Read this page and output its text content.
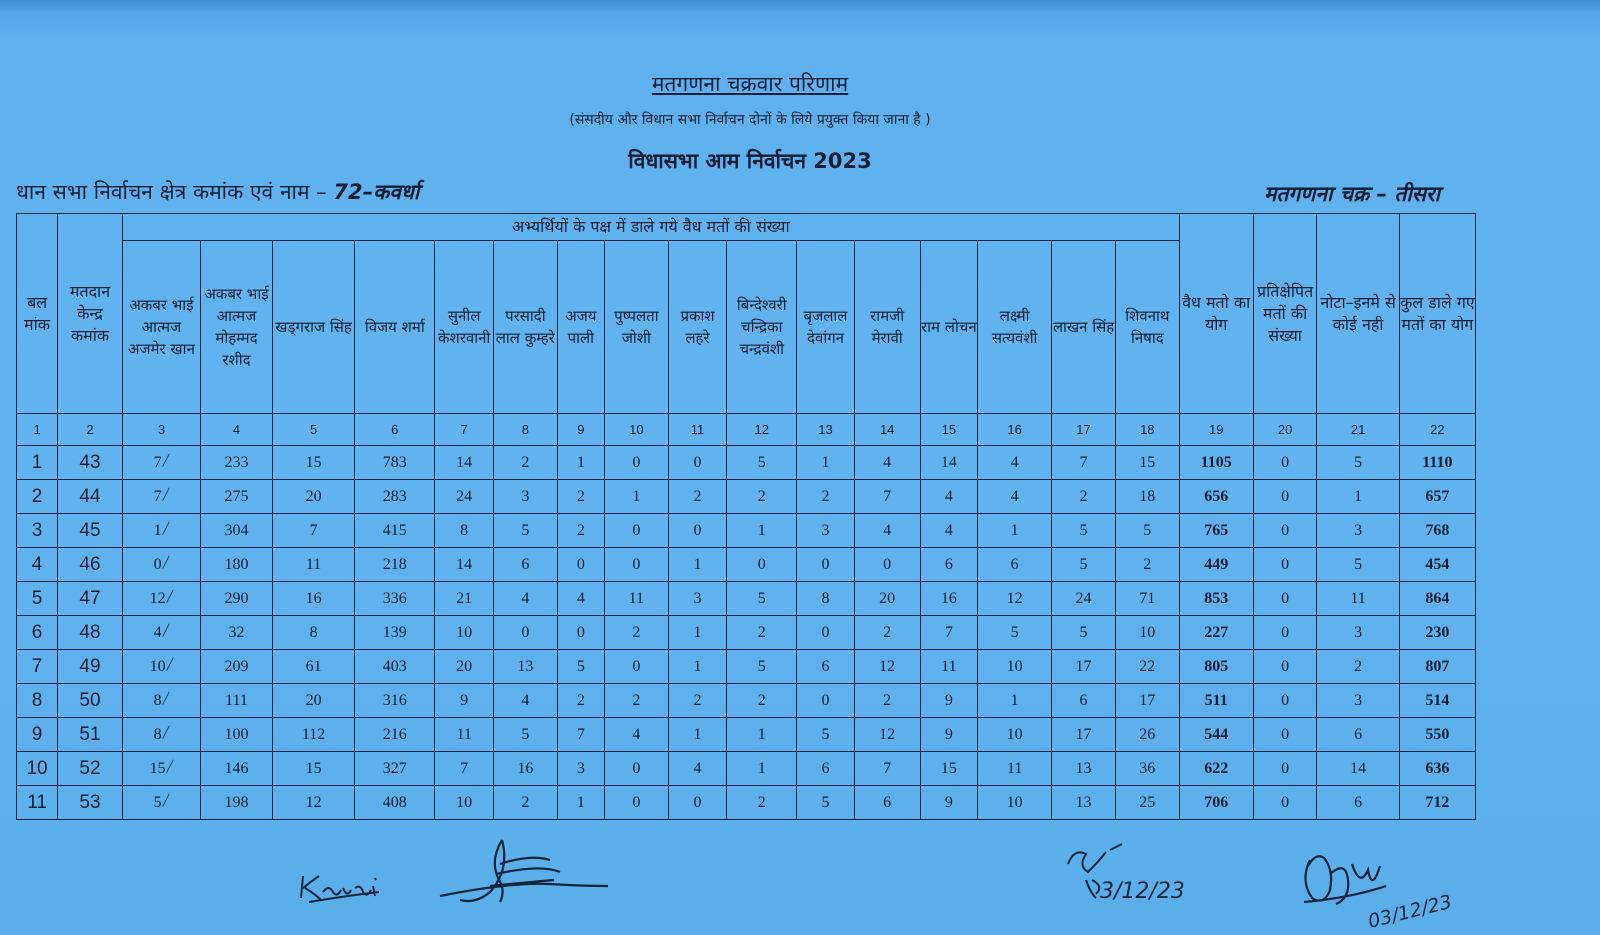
मतगणना चक्रवार परिणाम
(संसदीय और विधान सभा निर्वाचन दोनों के लिये प्रयुक्त किया जाना है )
विधासभा आम निर्वाचन 2023
धान सभा निर्वाचन क्षेत्र कमांक एवं नाम – 72–कवर्धा	मतगणना चक्र – तीसरा
बल मांक	मतदान केन्द्र कमांक	अभ्यर्थियों के पक्ष में डाले गये वैध मतों की संख्या																वैध मतो का योग	प्रतिक्षेपित मतों की संख्या	नोटा–इनमे से कोई नही	कुल डाले गए मतों का योग
		अकबर भाई आत्मज अजमेर खान	अकबर भाई आत्मज मोहम्मद रशीद	खड्गराज सिंह	विजय शर्मा	सुनील केशरवानी	परसादी लाल कुम्हरे	अजय पाली	पुष्पलता जोशी	प्रकाश लहरे	बिन्देश्वरी चन्द्रिका चन्द्रवंशी	बृजलाल देवांगन	रामजी मेरावी	राम लोचन	लक्ष्मी सत्यवंशी	लाखन सिंह	शिवनाथ निषाद				
1	2	3	4	5	6	7	8	9	10	11	12	13	14	15	16	17	18	19	20	21	22
1	43	7╱	233	15	783	14	2	1	0	0	5	1	4	14	4	7	15	1105	0	5	1110
2	44	7╱	275	20	283	24	3	2	1	2	2	2	7	4	4	2	18	656	0	1	657
3	45	1╱	304	7	415	8	5	2	0	0	1	3	4	4	1	5	5	765	0	3	768
4	46	0╱	180	11	218	14	6	0	0	1	0	0	0	6	6	5	2	449	0	5	454
5	47	12╱	290	16	336	21	4	4	11	3	5	8	20	16	12	24	71	853	0	11	864
6	48	4╱	32	8	139	10	0	0	2	1	2	0	2	7	5	5	10	227	0	3	230
7	49	10╱	209	61	403	20	13	5	0	1	5	6	12	11	10	17	22	805	0	2	807
8	50	8╱	111	20	316	9	4	2	2	2	2	0	2	9	1	6	17	511	0	3	514
9	51	8╱	100	112	216	11	5	7	4	1	1	5	12	9	10	17	26	544	0	6	550
10	52	15╱	146	15	327	7	16	3	0	4	1	6	7	15	11	13	36	622	0	14	636
11	53	5╱	198	12	408	10	2	1	0	0	2	5	6	9	10	13	25	706	0	6	712
3/12/23	03/12/23
